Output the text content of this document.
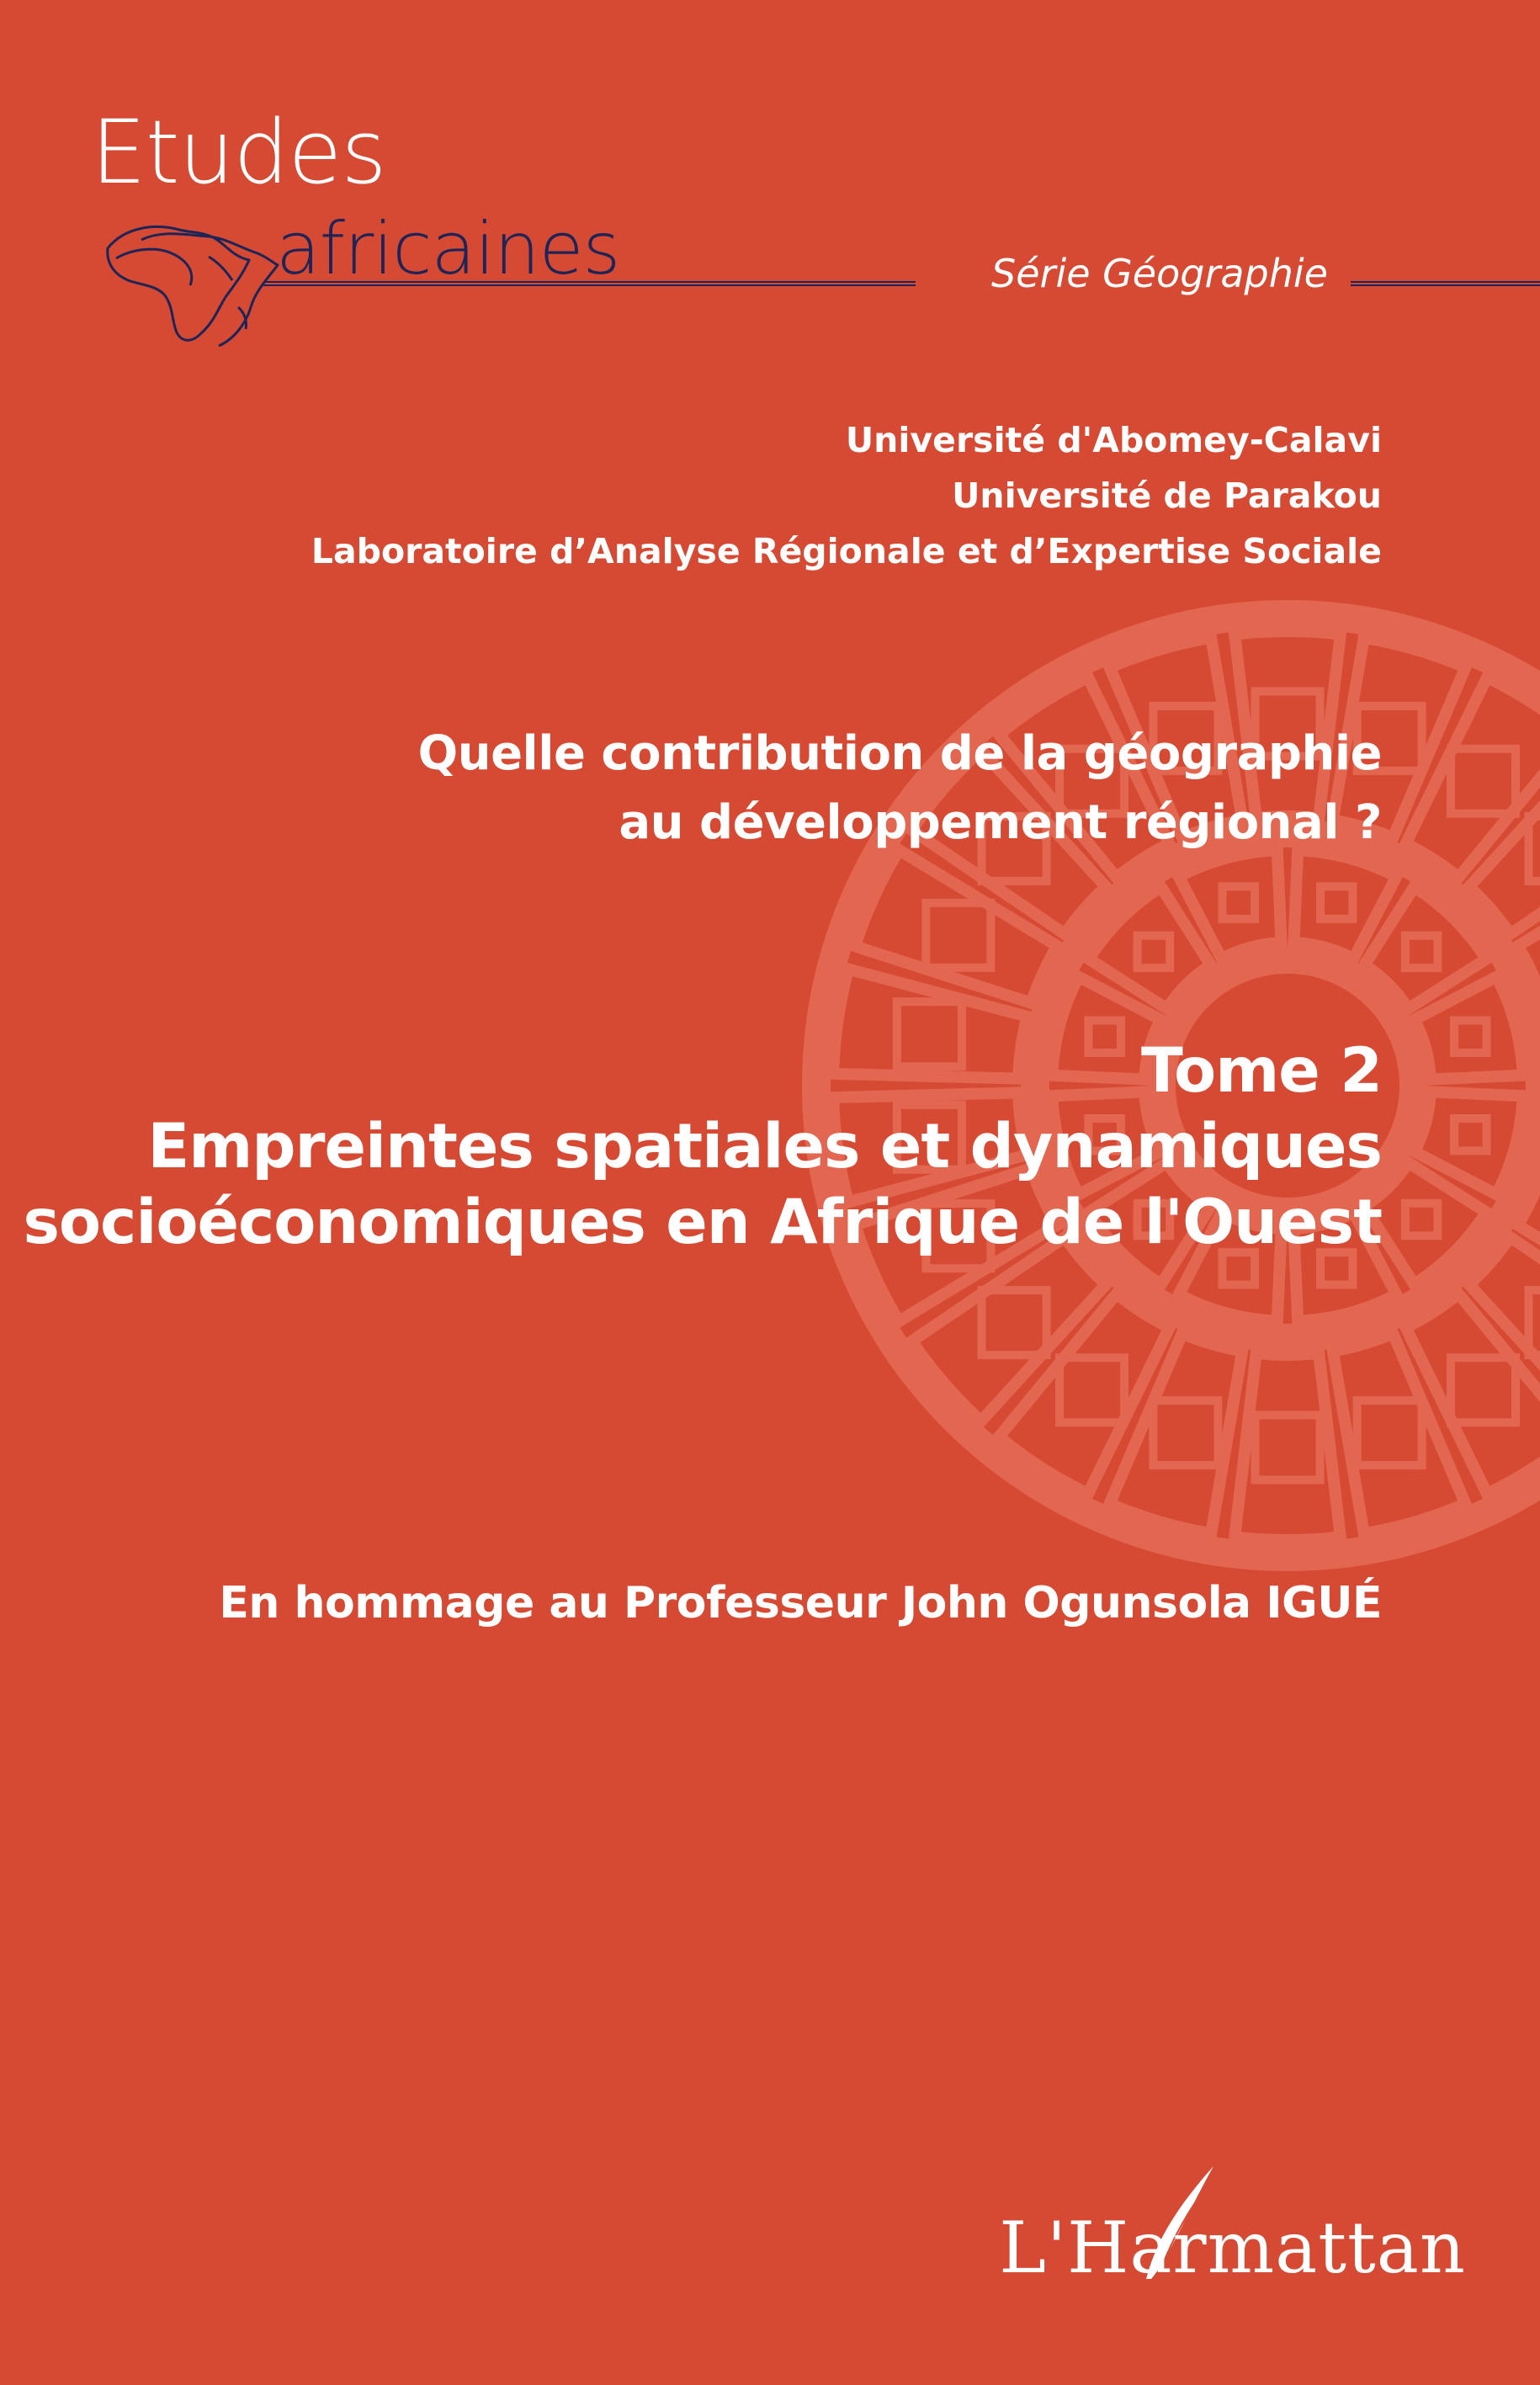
Etudes
africaines	Série Géographie
Université d'Abomey-Calavi
Université de Parakou
Laboratoire d’Analyse Régionale et d’Expertise Sociale
Quelle contribution de la géographie
au développement régional ?
Tome 2
Empreintes spatiales et dynamiques
socioéconomiques en Afrique de l'Ouest
En hommage au Professeur John Ogunsola IGUÉ
L'Harmattan
